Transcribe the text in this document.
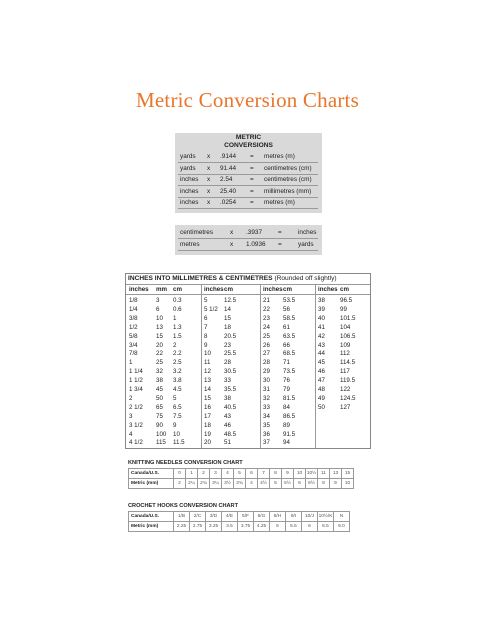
Metric Conversion Charts
METRIC
CONVERSIONS
yards x .9144 = metres (m)
yards x 91.44 = centimetres (cm)
inches x 2.54	= centimetres (cm)
inches x 25.40 = millimetres (mm)
inches x .0254 = metres (m)
centimetres	x .3937	=	inches
metres	x 1.0936 =	yards
INCHES INTO MILLIMETRES & CENTIMETRES (Rounded off slightly)
inches mm cm	inches cm	inches cm	inches cm
1/8	3 0.3	5	12.5	21 53.5	38 96.5
1/4	6 0.6	5 1/2 14	22 56	39 99
3/8	10 1	6	15	23 58.5	40 101.5
1/2	13 1.3	7	18	24 61	41 104
5/8	15 1.5	8	20.5	25 63.5	42 106.5
3/4	20 2	9	23	26 66	43 109
7/8	22 2.2	10 25.5	27 68.5	44 112
1	25 2.5	11 28	28 71	45 114.5
1 1/4 32 3.2	12 30.5	29 73.5	46 117
1 1/2 38 3.8	13 33	30 76	47 119.5
1 3/4 45 4.5	14 35.5	31 79	48 122
2	50 5	15 38	32 81.5	49 124.5
2 1/2 65 6.5	16 40.5	33 84	50 127
3	75 7.5	17 43	34 86.5
3 1/2 90 9	18 46	35 89
4	100 10	19 48.5	36 91.5
4 1/2 115 11.5	20 51	37 94
KNITTING NEEDLES CONVERSION CHART
Canada/U.S.	0	1	2	3	4	5	6	7	8	9	10	10½	11	13	15
Metric (mm)	2	2¼	2¾	3¼	3½	3¾	4	4½	5	5½	6	6½	8	9	10
CROCHET HOOKS CONVERSION CHART
Canada/U.S.	1/B	2/C	3/D	4/E	5/F	6/G	8/H	9/I	10/J	10½/K	N
Metric (mm)	2.25	2.75	3.25	3.5	3.75	4.25	5	5.5	6	6.5	9.0
